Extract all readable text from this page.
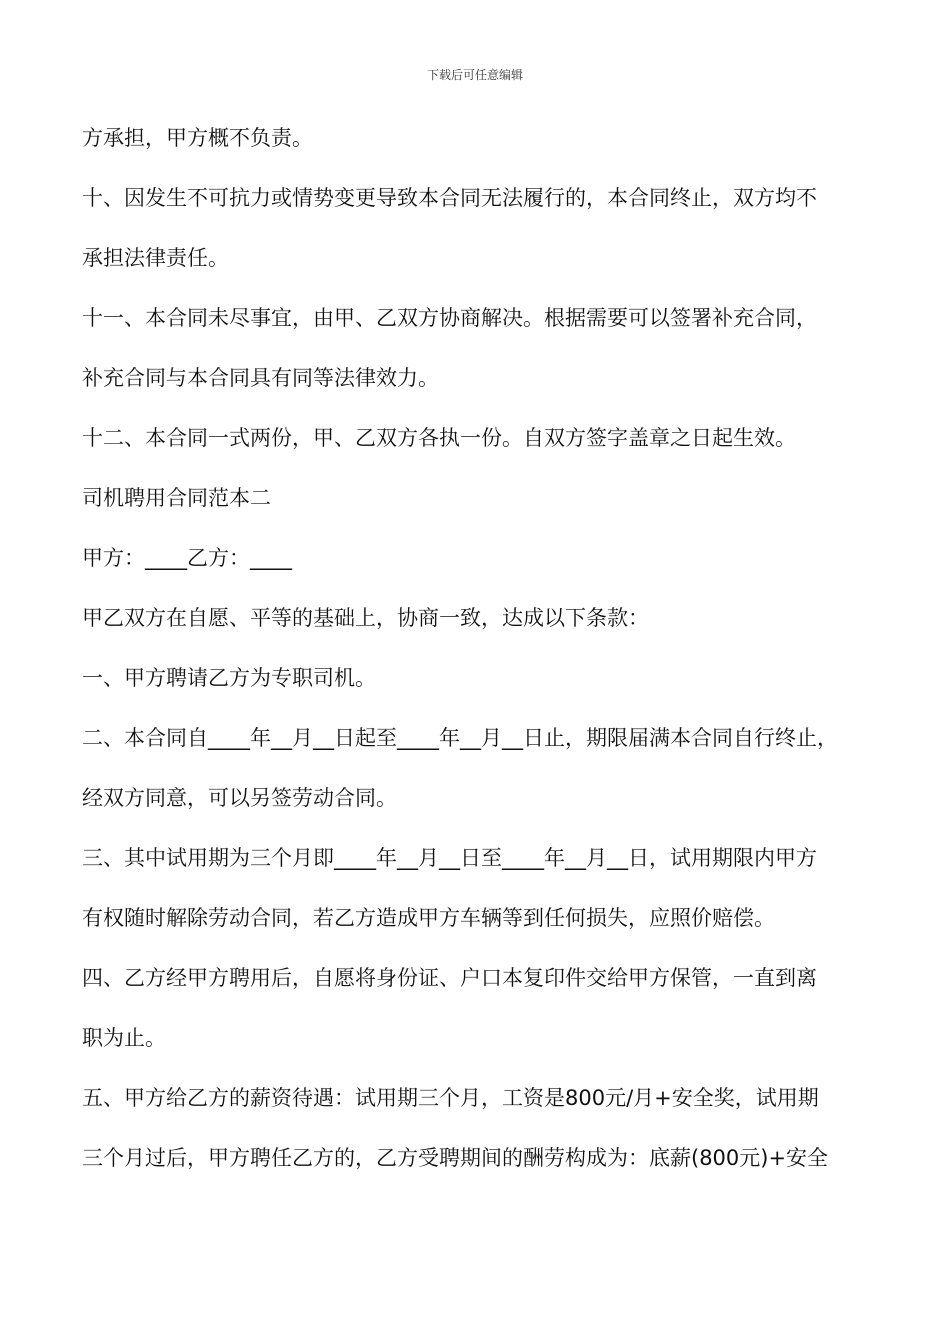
下载后可任意编辑
方承担，甲方概不负责。
十、因发生不可抗力或情势变更导致本合同无法履行的，本合同终止，双方均不
承担法律责任。
十一、本合同未尽事宜，由甲、乙双方协商解决。根据需要可以签署补充合同，
补充合同与本合同具有同等法律效力。
十二、本合同一式两份，甲、乙双方各执一份。自双方签字盖章之日起生效。
司机聘用合同范本二
甲方：____乙方：____
甲乙双方在自愿、平等的基础上，协商一致，达成以下条款：
一、甲方聘请乙方为专职司机。
二、本合同自____年__月__日起至____年__月__日止，期限届满本合同自行终止，
经双方同意，可以另签劳动合同。
三、其中试用期为三个月即____年__月__日至____年__月__日，试用期限内甲方
有权随时解除劳动合同，若乙方造成甲方车辆等到任何损失，应照价赔偿。
四、乙方经甲方聘用后，自愿将身份证、户口本复印件交给甲方保管，一直到离
职为止。
五、甲方给乙方的薪资待遇：试用期三个月，工资是800元/月+安全奖，试用期
三个月过后，甲方聘任乙方的，乙方受聘期间的酬劳构成为：底薪(800元)+安全
